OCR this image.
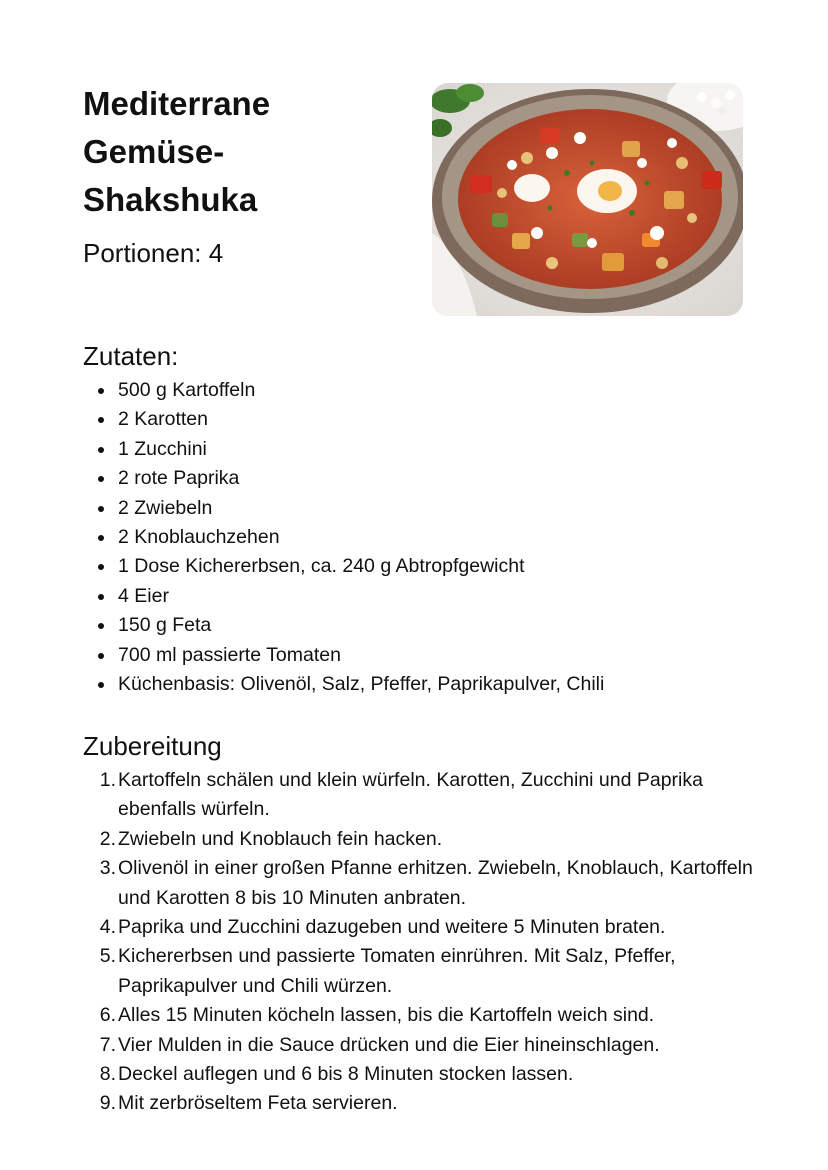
Mediterrane Gemüse-Shakshuka

Portionen: 4

Zutaten:
500 g Kartoffeln
2 Karotten
1 Zucchini
2 rote Paprika
2 Zwiebeln
2 Knoblauchzehen
1 Dose Kichererbsen, ca. 240 g Abtropfgewicht
4 Eier
150 g Feta
700 ml passierte Tomaten
Küchenbasis: Olivenöl, Salz, Pfeffer, Paprikapulver, Chili
Zubereitung
1. Kartoffeln schälen und klein würfeln. Karotten, Zucchini und Paprika ebenfalls würfeln.
2. Zwiebeln und Knoblauch fein hacken.
3. Olivenöl in einer großen Pfanne erhitzen. Zwiebeln, Knoblauch, Kartoffeln und Karotten 8 bis 10 Minuten anbraten.
4. Paprika und Zucchini dazugeben und weitere 5 Minuten braten.
5. Kichererbsen und passierte Tomaten einrühren. Mit Salz, Pfeffer, Paprikapulver und Chili würzen.
6. Alles 15 Minuten köcheln lassen, bis die Kartoffeln weich sind.
7. Vier Mulden in die Sauce drücken und die Eier hineinschlagen.
8. Deckel auflegen und 6 bis 8 Minuten stocken lassen.
9. Mit zerbröseltem Feta servieren.
